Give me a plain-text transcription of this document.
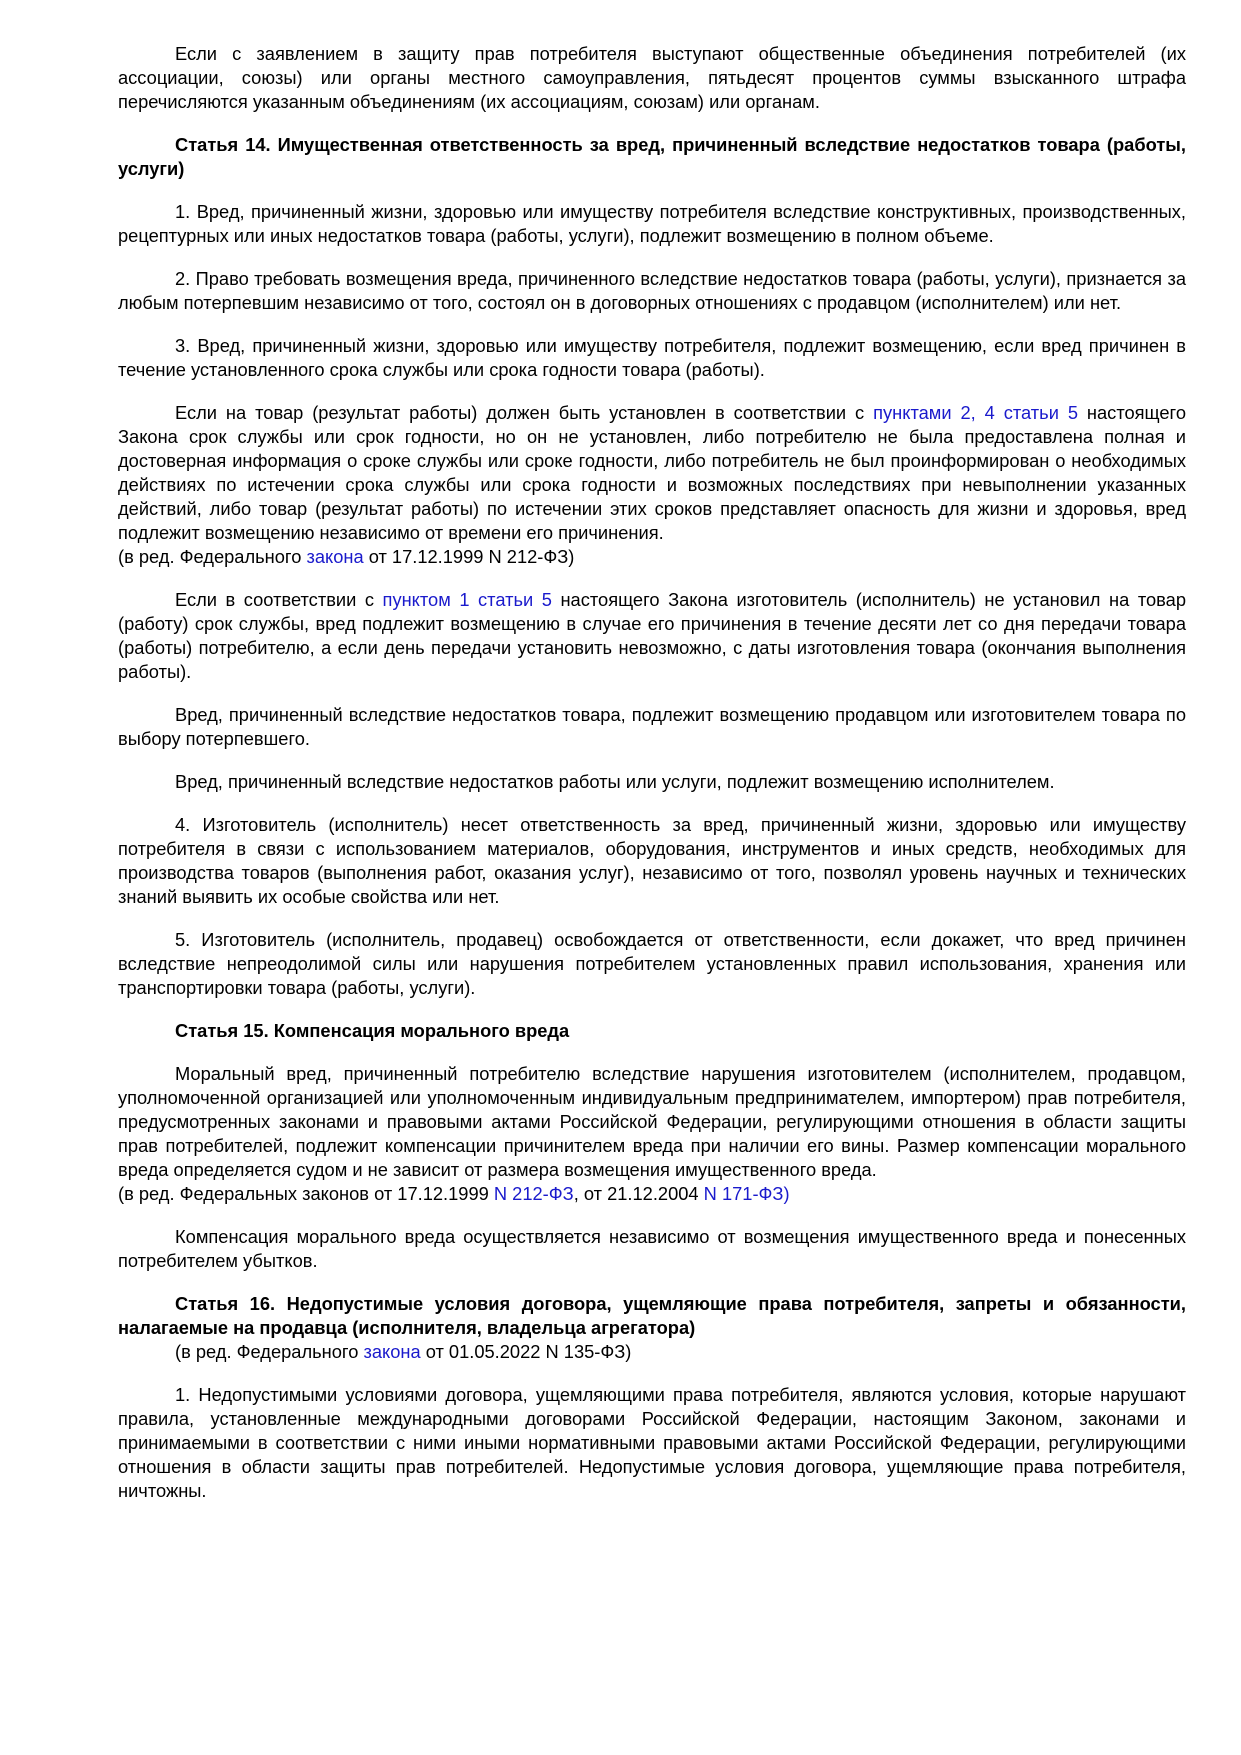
Если с заявлением в защиту прав потребителя выступают общественные объединения потребителей (их ассоциации, союзы) или органы местного самоуправления, пятьдесят процентов суммы взысканного штрафа перечисляются указанным объединениям (их ассоциациям, союзам) или органам.

Статья 14. Имущественная ответственность за вред, причиненный вследствие недостатков товара (работы, услуги)

1. Вред, причиненный жизни, здоровью или имуществу потребителя вследствие конструктивных, производственных, рецептурных или иных недостатков товара (работы, услуги), подлежит возмещению в полном объеме.

2. Право требовать возмещения вреда, причиненного вследствие недостатков товара (работы, услуги), признается за любым потерпевшим независимо от того, состоял он в договорных отношениях с продавцом (исполнителем) или нет.

3. Вред, причиненный жизни, здоровью или имуществу потребителя, подлежит возмещению, если вред причинен в течение установленного срока службы или срока годности товара (работы).

Если на товар (результат работы) должен быть установлен в соответствии с пунктами 2, 4 статьи 5 настоящего Закона срок службы или срок годности, но он не установлен, либо потребителю не была предоставлена полная и достоверная информация о сроке службы или сроке годности, либо потребитель не был проинформирован о необходимых действиях по истечении срока службы или срока годности и возможных последствиях при невыполнении указанных действий, либо товар (результат работы) по истечении этих сроков представляет опасность для жизни и здоровья, вред подлежит возмещению независимо от времени его причинения.

(в ред. Федерального закона от 17.12.1999 N 212-ФЗ)

Если в соответствии с пунктом 1 статьи 5 настоящего Закона изготовитель (исполнитель) не установил на товар (работу) срок службы, вред подлежит возмещению в случае его причинения в течение десяти лет со дня передачи товара (работы) потребителю, а если день передачи установить невозможно, с даты изготовления товара (окончания выполнения работы).

Вред, причиненный вследствие недостатков товара, подлежит возмещению продавцом или изготовителем товара по выбору потерпевшего.

Вред, причиненный вследствие недостатков работы или услуги, подлежит возмещению исполнителем.

4. Изготовитель (исполнитель) несет ответственность за вред, причиненный жизни, здоровью или имуществу потребителя в связи с использованием материалов, оборудования, инструментов и иных средств, необходимых для производства товаров (выполнения работ, оказания услуг), независимо от того, позволял уровень научных и технических знаний выявить их особые свойства или нет.

5. Изготовитель (исполнитель, продавец) освобождается от ответственности, если докажет, что вред причинен вследствие непреодолимой силы или нарушения потребителем установленных правил использования, хранения или транспортировки товара (работы, услуги).

Статья 15. Компенсация морального вреда

Моральный вред, причиненный потребителю вследствие нарушения изготовителем (исполнителем, продавцом, уполномоченной организацией или уполномоченным индивидуальным предпринимателем, импортером) прав потребителя, предусмотренных законами и правовыми актами Российской Федерации, регулирующими отношения в области защиты прав потребителей, подлежит компенсации причинителем вреда при наличии его вины. Размер компенсации морального вреда определяется судом и не зависит от размера возмещения имущественного вреда.

(в ред. Федеральных законов от 17.12.1999 N 212-ФЗ, от 21.12.2004 N 171-ФЗ)

Компенсация морального вреда осуществляется независимо от возмещения имущественного вреда и понесенных потребителем убытков.

Статья 16. Недопустимые условия договора, ущемляющие права потребителя, запреты и обязанности, налагаемые на продавца (исполнителя, владельца агрегатора)

(в ред. Федерального закона от 01.05.2022 N 135-ФЗ)

1. Недопустимыми условиями договора, ущемляющими права потребителя, являются условия, которые нарушают правила, установленные международными договорами Российской Федерации, настоящим Законом, законами и принимаемыми в соответствии с ними иными нормативными правовыми актами Российской Федерации, регулирующими отношения в области защиты прав потребителей. Недопустимые условия договора, ущемляющие права потребителя, ничтожны.
